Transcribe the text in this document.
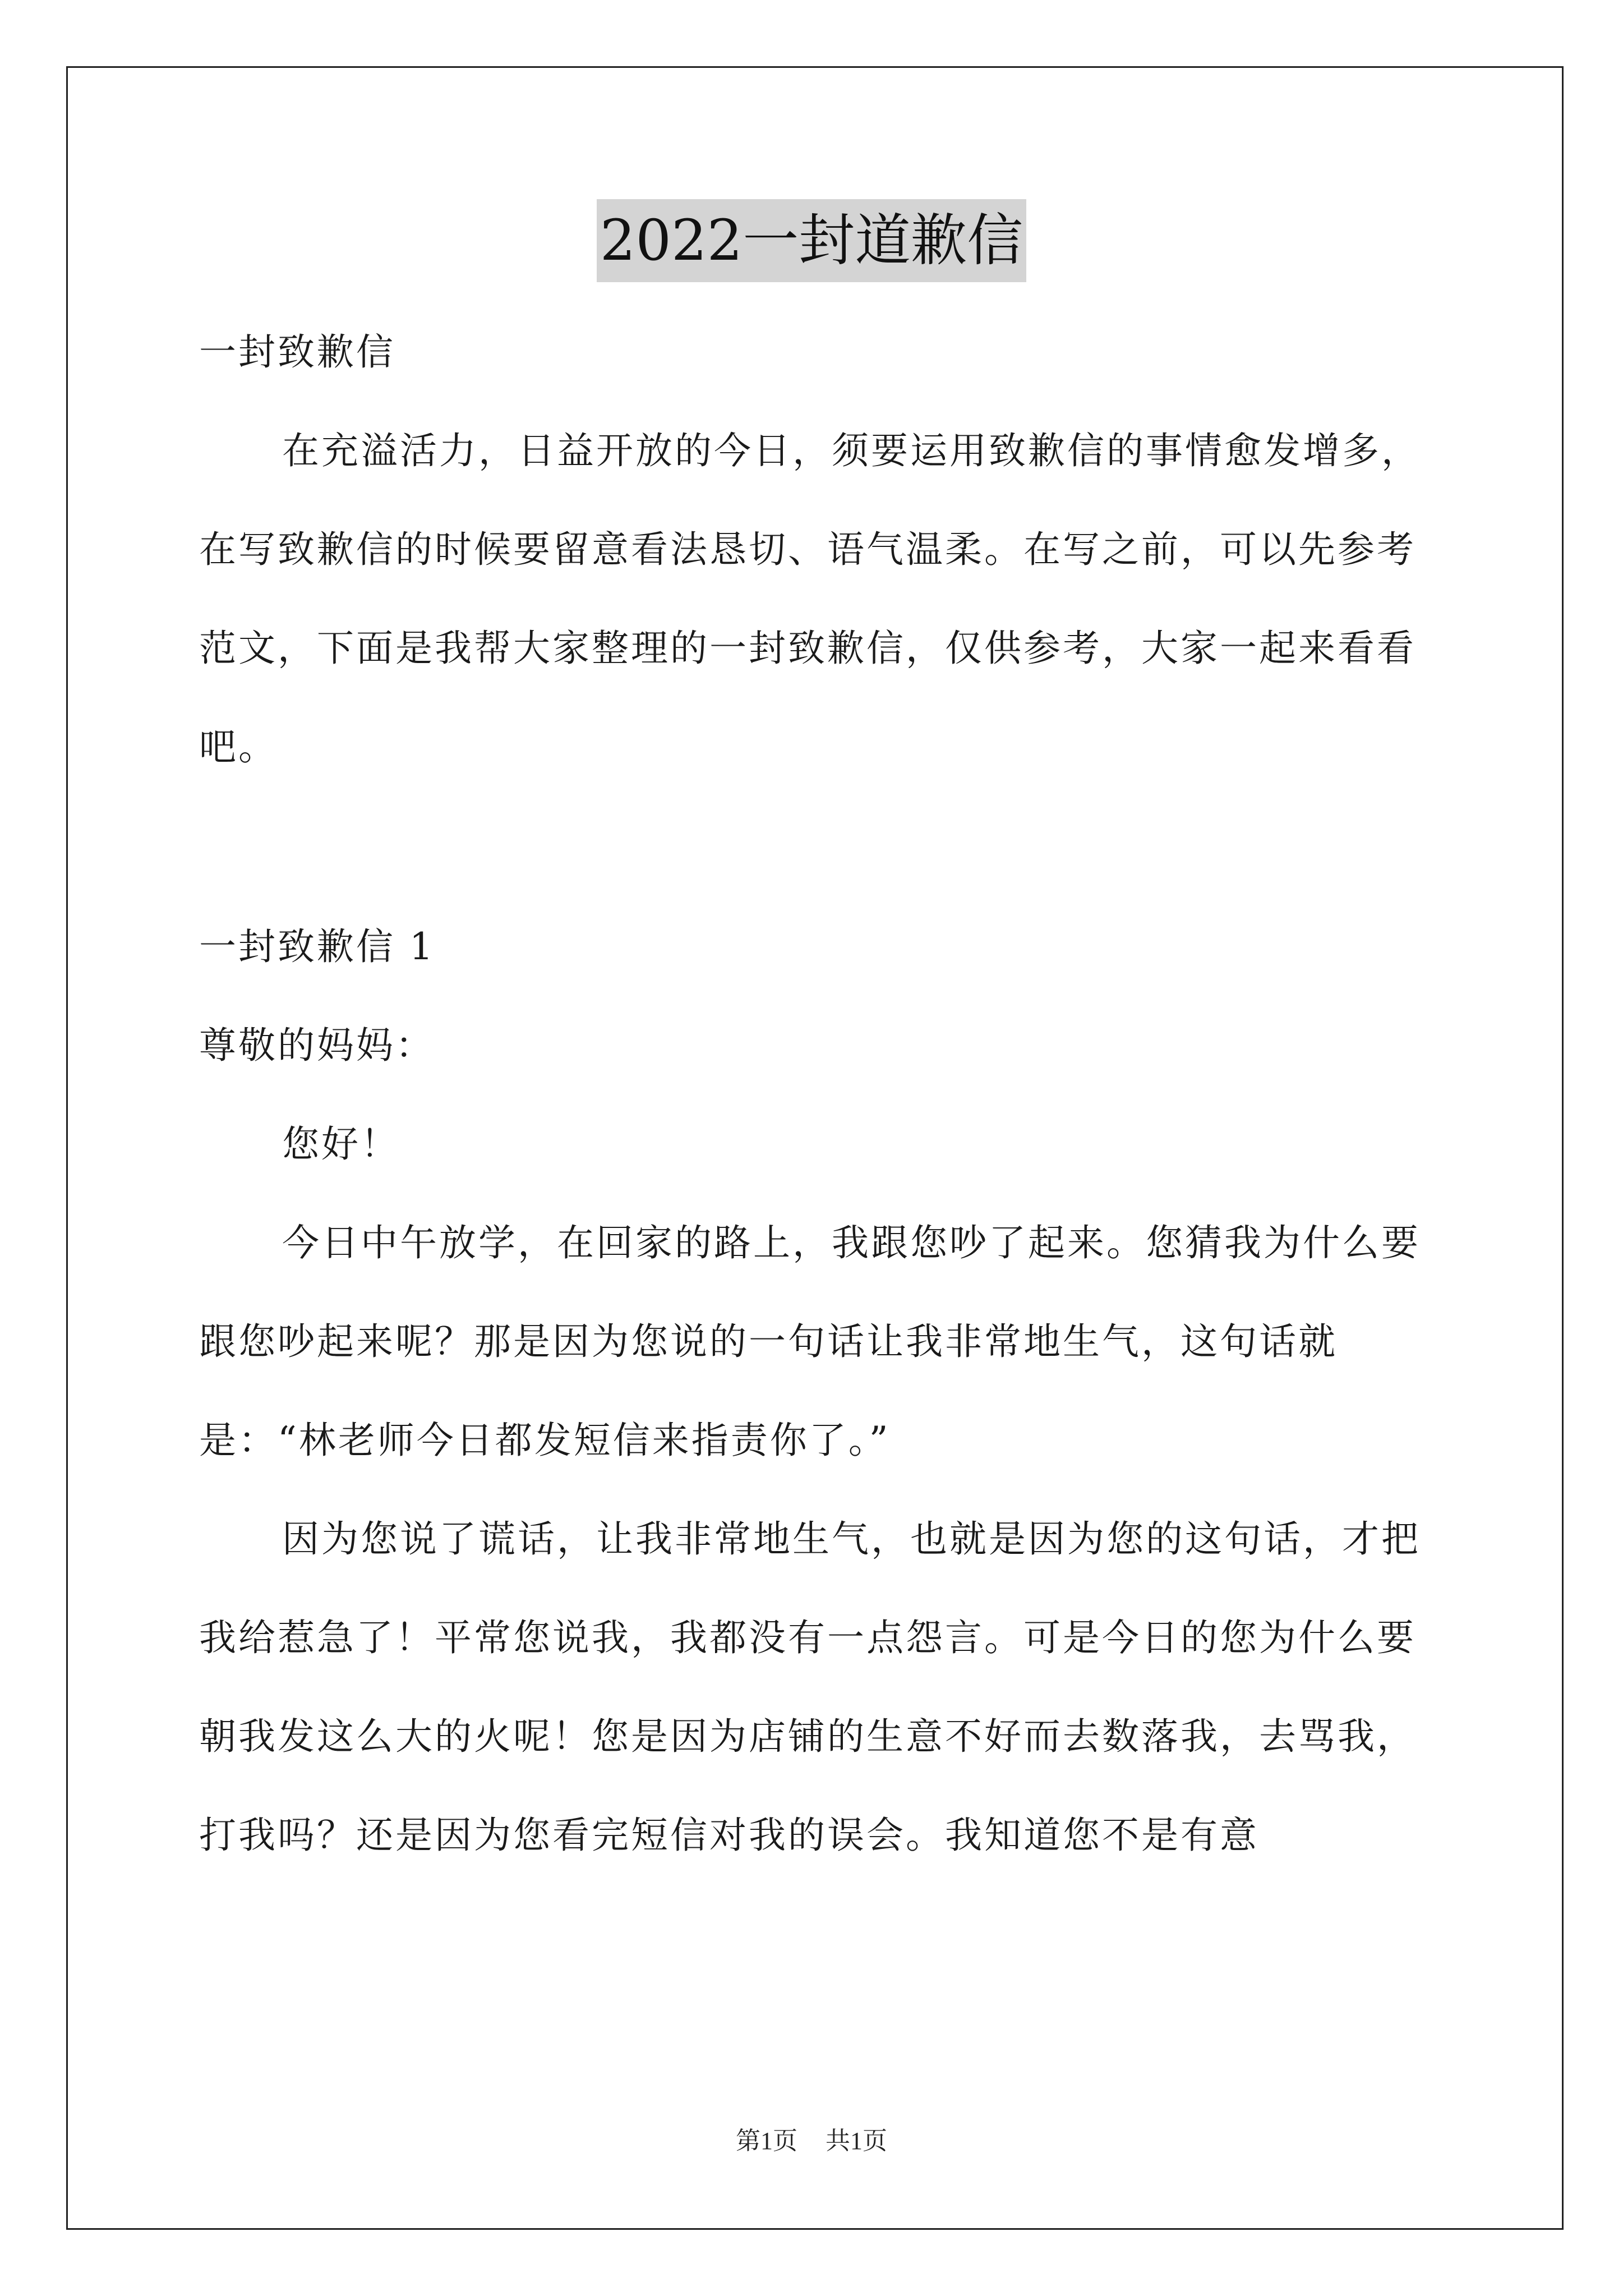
2022一封道歉信

一封致歉信

在充溢活力，日益开放的今日，须要运用致歉信的事情愈发增多，在写致歉信的时候要留意看法恳切、语气温柔。在写之前，可以先参考范文，下面是我帮大家整理的一封致歉信，仅供参考，大家一起来看看吧。

一封致歉信 1

尊敬的妈妈：

您好！

今日中午放学，在回家的路上，我跟您吵了起来。您猜我为什么要跟您吵起来呢？那是因为您说的一句话让我非常地生气，这句话就是：“林老师今日都发短信来指责你了。”

因为您说了谎话，让我非常地生气，也就是因为您的这句话，才把我给惹急了！平常您说我，我都没有一点怨言。可是今日的您为什么要朝我发这么大的火呢！您是因为店铺的生意不好而去数落我，去骂我，打我吗？还是因为您看完短信对我的误会。我知道您不是有意

第1页 共1页
